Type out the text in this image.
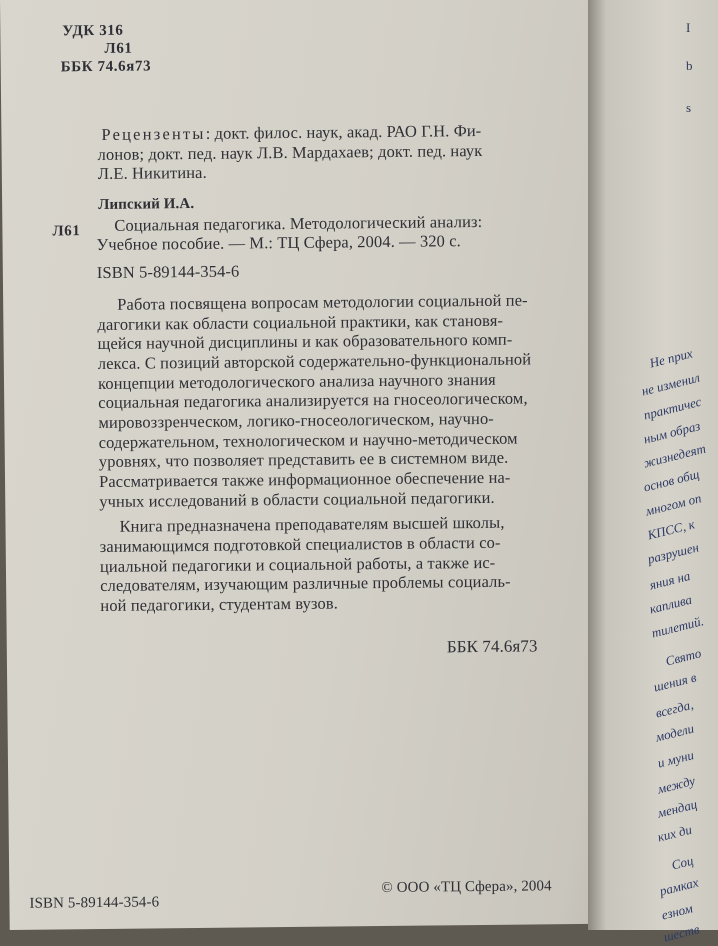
УДК 316
Л61
ББК 74.6я73
Рецензенты: докт. филос. наук, акад. РАО Г.Н. Фи-
лонов; докт. пед. наук Л.В. Мардахаев; докт. пед. наук
Л.Е. Никитина.
Липский И.А.
Л61 Социальная педагогика. Методологический анализ:
Учебное пособие. — М.: ТЦ Сфера, 2004. — 320 с.
ISBN 5-89144-354-6
Работа посвящена вопросам методологии социальной пе-
дагогики как области социальной практики, как становя-
щейся научной дисциплины и как образовательного комп-
лекса. С позиций авторской содержательно-функциональной
концепции методологического анализа научного знания
социальная педагогика анализируется на гносеологическом,
мировоззренческом, логико-гносеологическом, научно-
содержательном, технологическом и научно-методическом
уровнях, что позволяет представить ее в системном виде.
Рассматривается также информационное обеспечение на-
учных исследований в области социальной педагогики.
Книга предназначена преподавателям высшей школы,
занимающимся подготовкой специалистов в области со-
циальной педагогики и социальной работы, а также ис-
следователям, изучающим различные проблемы социаль-
ной педагогики, студентам вузов.
ББК 74.6я73
ISBN 5-89144-354-6
© ООО «ТЦ Сфера», 2004
I
b
s
Не прих
не изменил
практичес
ным образ
жизнедеят
основ общ
многом оп
КПСС, к
разрушен
яния на
каплива
тилетий.
Свято
шения в
всегда,
модели
и муни
между
мендац
ких ди
Соц
рамках
езном
шеств
